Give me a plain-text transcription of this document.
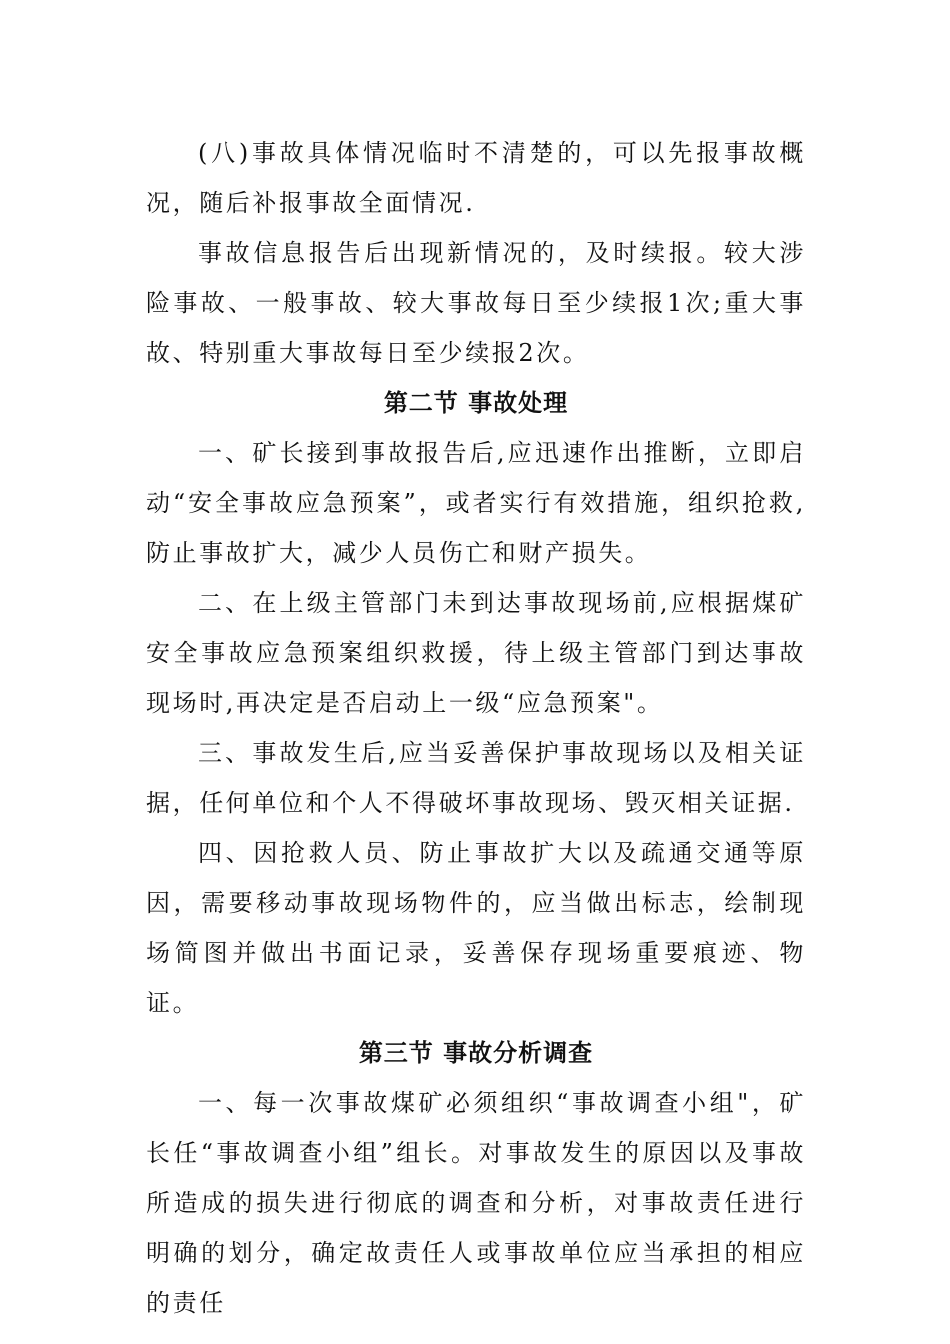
(八)事故具体情况临时不清楚的，可以先报事故概况，随后补报事故全面情况.

事故信息报告后出现新情况的，及时续报。较大涉险事故、一般事故、较大事故每日至少续报1次;重大事故、特别重大事故每日至少续报2次。

第二节 事故处理

一、矿长接到事故报告后,应迅速作出推断，立即启动“安全事故应急预案”，或者实行有效措施，组织抢救,防止事故扩大，减少人员伤亡和财产损失。

二、在上级主管部门未到达事故现场前,应根据煤矿安全事故应急预案组织救援，待上级主管部门到达事故现场时,再决定是否启动上一级“应急预案"。

三、事故发生后,应当妥善保护事故现场以及相关证据，任何单位和个人不得破坏事故现场、毁灭相关证据.

四、因抢救人员、防止事故扩大以及疏通交通等原因，需要移动事故现场物件的，应当做出标志，绘制现场简图并做出书面记录，妥善保存现场重要痕迹、物证。

第三节 事故分析调查

一、每一次事故煤矿必须组织“事故调查小组"，矿长任“事故调查小组”组长。对事故发生的原因以及事故所造成的损失进行彻底的调查和分析，对事故责任进行明确的划分，确定故责任人或事故单位应当承担的相应的责任
